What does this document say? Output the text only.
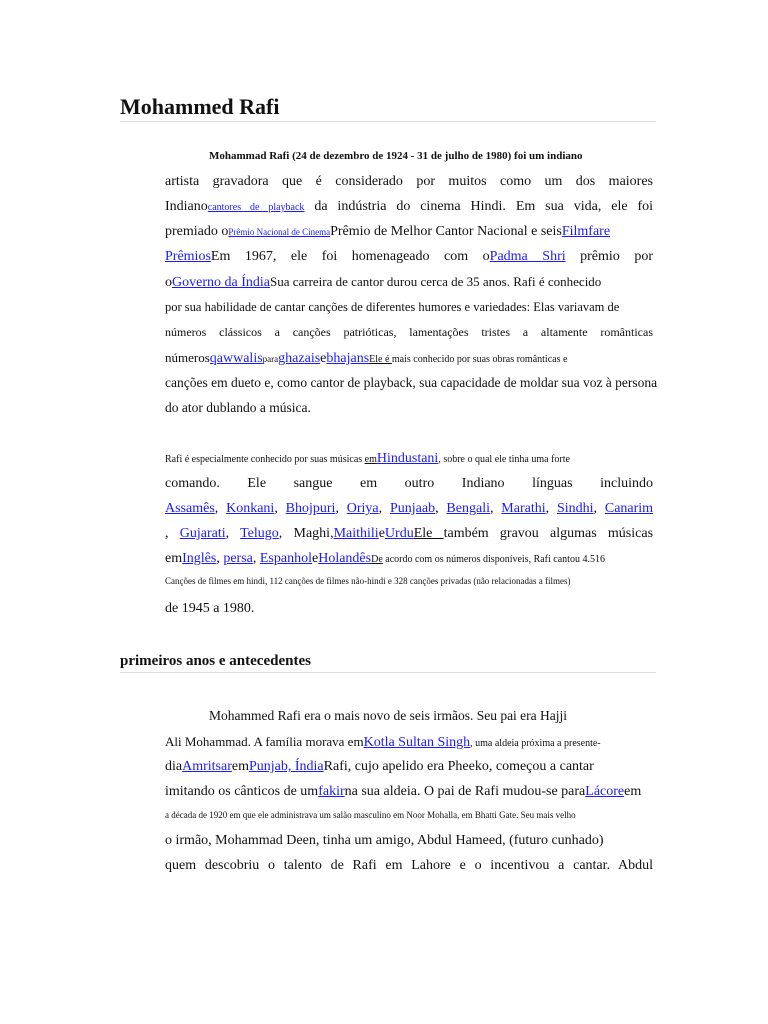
Mohammed Rafi
Mohammad Rafi (24 de dezembro de 1924 - 31 de julho de 1980) foi um indiano
artista gravadora que é considerado por muitos como um dos maiores
Indianocantores de playback da indústria do cinema Hindi. Em sua vida, ele foi
premiado oPrêmio Nacional de CinemaPrêmio de Melhor Cantor Nacional e seisFilmfare
PrêmiosEm 1967, ele foi homenageado com oPadma Shri prêmio por
oGoverno da ÍndiaSua carreira de cantor durou cerca de 35 anos. Rafi é conhecido
por sua habilidade de cantar canções de diferentes humores e variedades: Elas variavam de
números clássicos a canções patrióticas, lamentações tristes a altamente românticas
númerosqawwalisparaghazaisebhajansEle é mais conhecido por suas obras românticas e
canções em dueto e, como cantor de playback, sua capacidade de moldar sua voz à persona
do ator dublando a música.
Rafi é especialmente conhecido por suas músicas emHindustani, sobre o qual ele tinha uma forte
comando. Ele sangue em outro Indiano línguas incluindo
Assamês, Konkani, Bhojpuri, Oriya, Punjaab, Bengali, Marathi, Sindhi, Canarim
, Gujarati, Telugo, Maghi,MaithilieUrduEle também gravou algumas músicas
emInglês, persa, EspanholeHolandêsDe acordo com os números disponíveis, Rafi cantou 4.516
Canções de filmes em hindi, 112 canções de filmes não-hindi e 328 canções privadas (não relacionadas a filmes)
de 1945 a 1980.
primeiros anos e antecedentes
Mohammed Rafi era o mais novo de seis irmãos. Seu pai era Hajji
Ali Mohammad. A família morava emKotla Sultan Singh, uma aldeia próxima a presente-
diaAmritsaremPunjab, ÍndiaRafi, cujo apelido era Pheeko, começou a cantar
imitando os cânticos de umfakirna sua aldeia. O pai de Rafi mudou-se paraLácoreem
a década de 1920 em que ele administrava um salão masculino em Noor Mohalla, em Bhatti Gate. Seu mais velho
o irmão, Mohammad Deen, tinha um amigo, Abdul Hameed, (futuro cunhado)
quem descobriu o talento de Rafi em Lahore e o incentivou a cantar. Abdul
